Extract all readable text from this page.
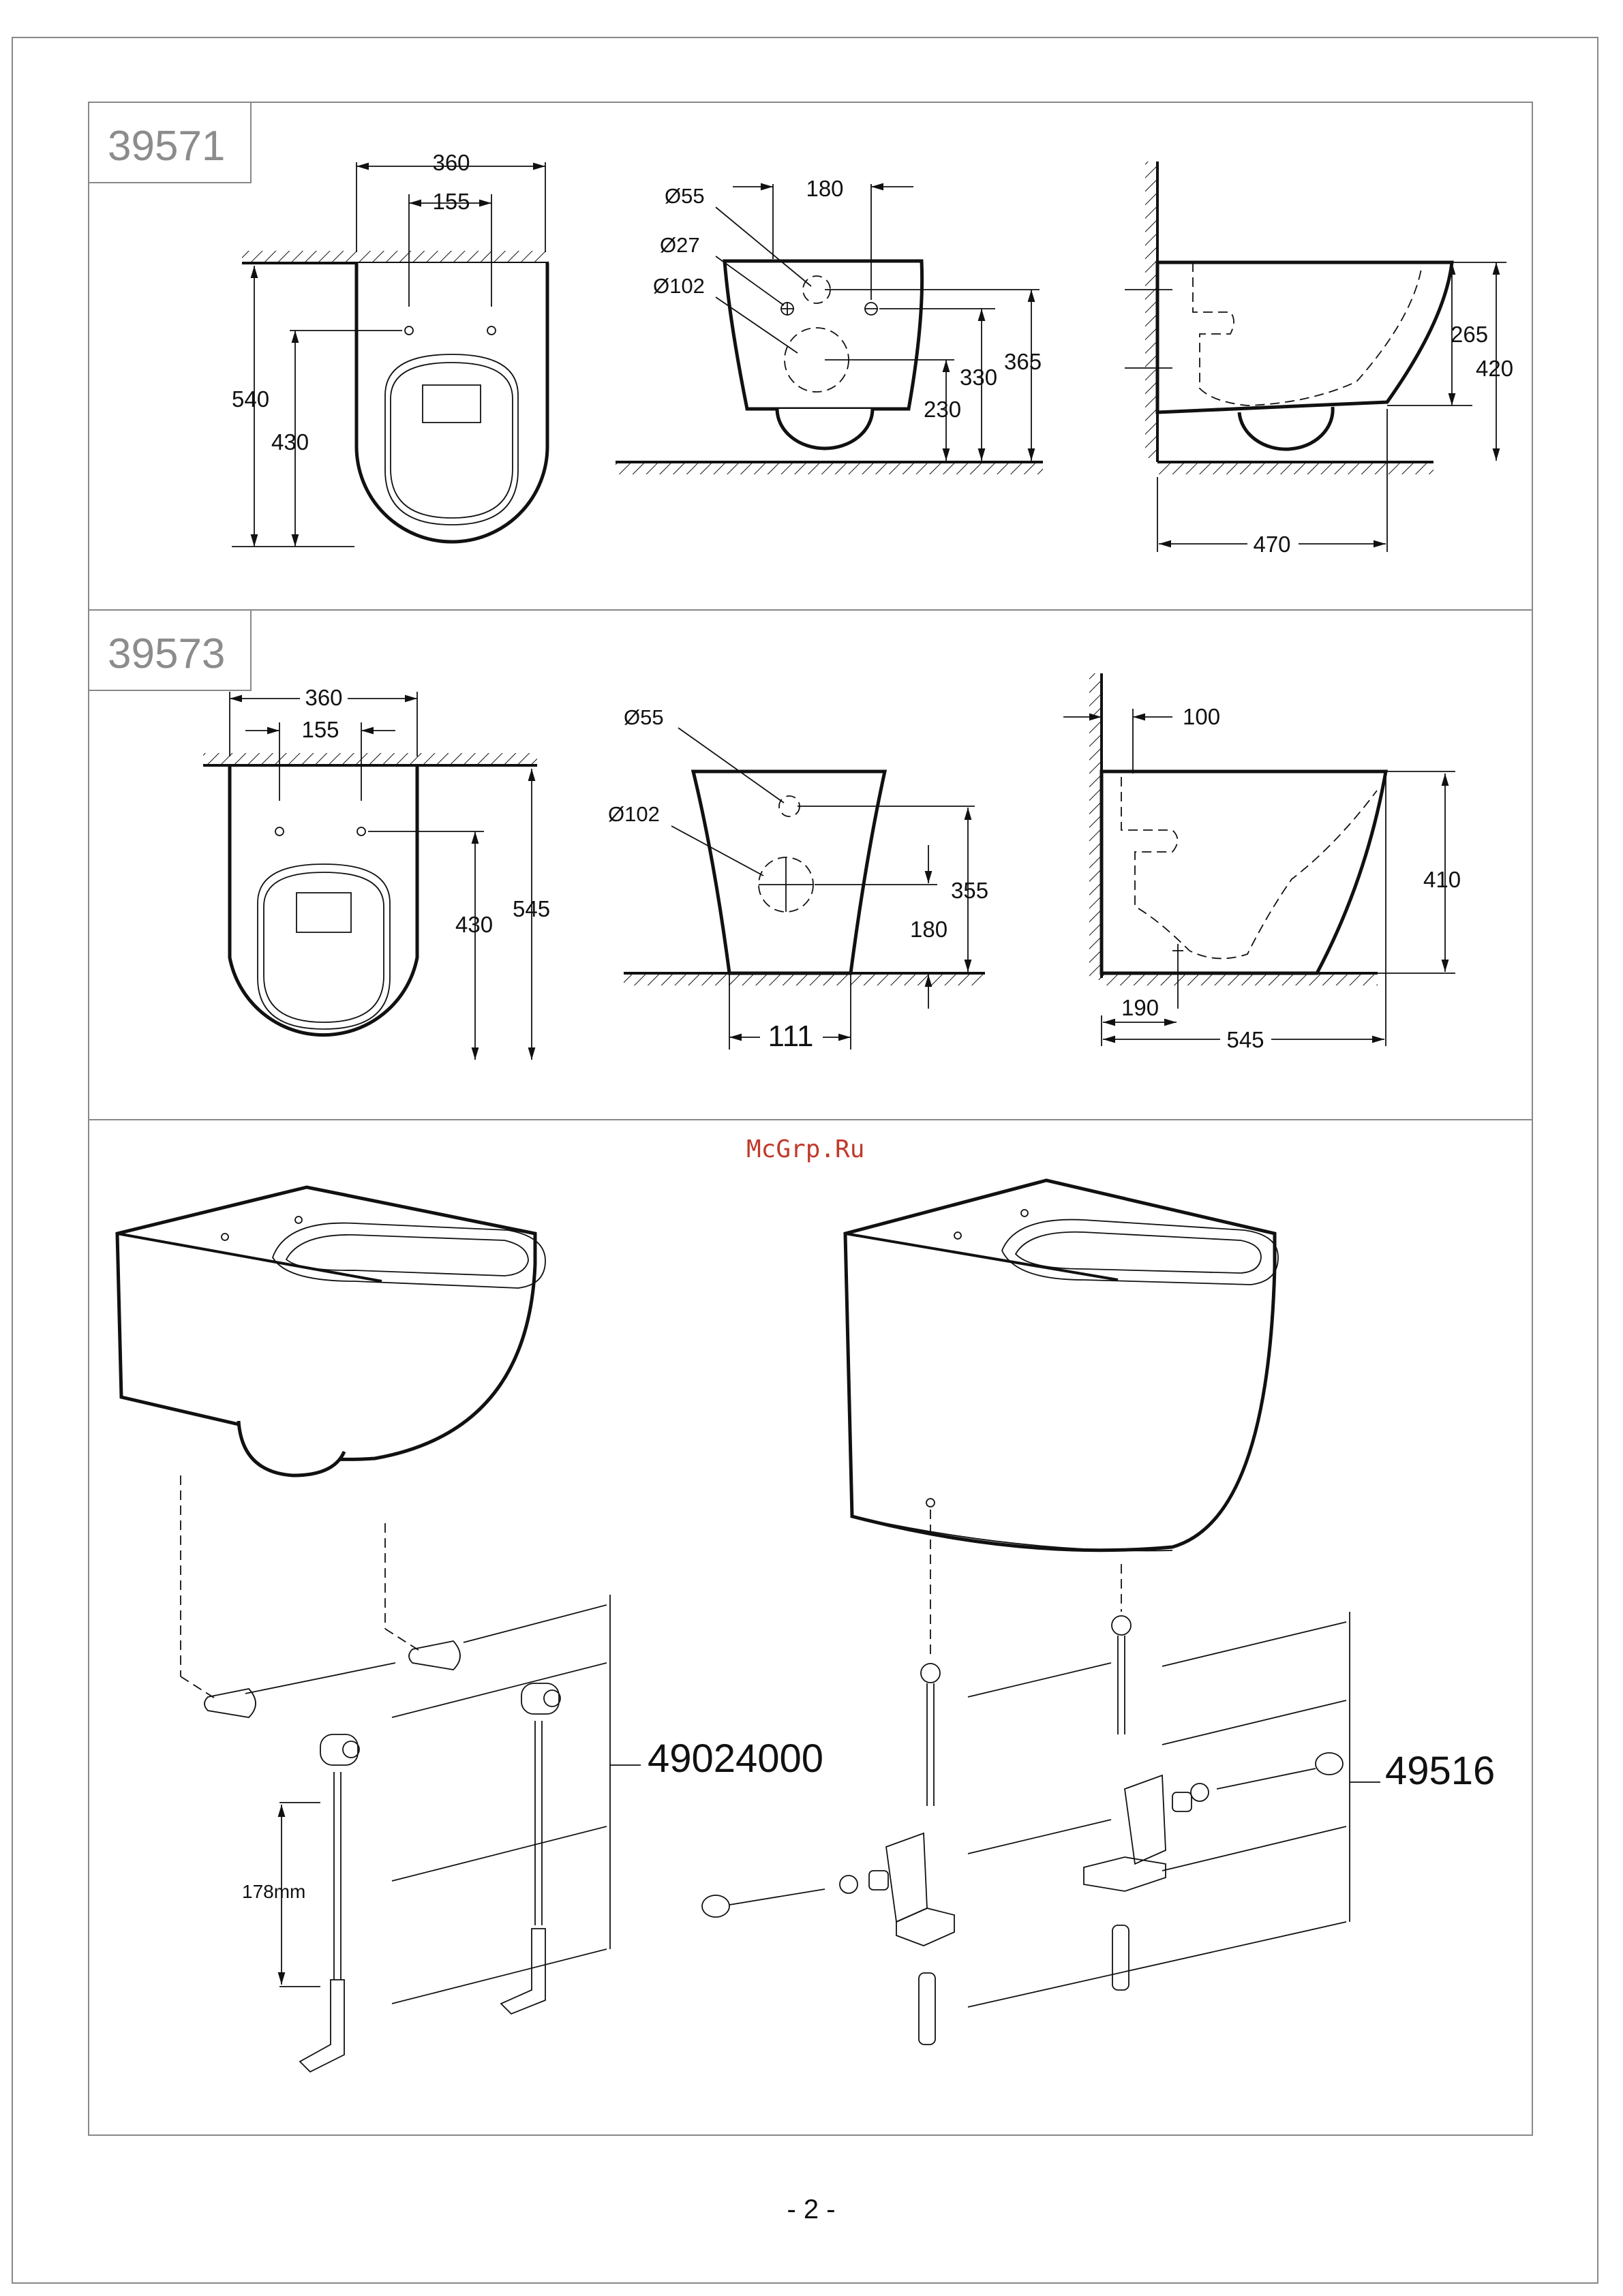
39571	360
155
540
430
180
Ø55
Ø27
Ø102
365
330
230
265
420
470
39573
360
155
430
545
Ø55
Ø102
355
180
111
100
410
190
545
McGrp.Ru
178mm
49024000	49516
- 2 -
